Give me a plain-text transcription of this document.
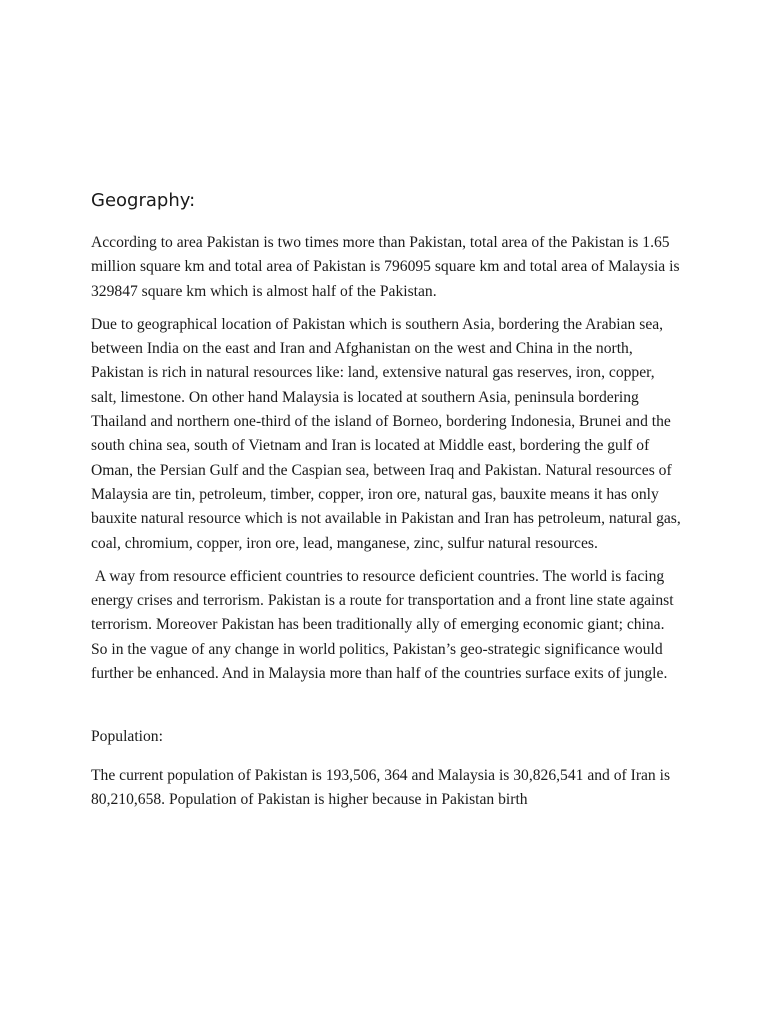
Geography:

According to area Pakistan is two times more than Pakistan, total area of the Pakistan is 1.65 million square km and total area of Pakistan is 796095 square km and total area of Malaysia is 329847 square km which is almost half of the Pakistan.

Due to geographical location of Pakistan which is southern Asia, bordering the Arabian sea, between India on the east and Iran and Afghanistan on the west and China in the north, Pakistan is rich in natural resources like: land, extensive natural gas reserves, iron, copper, salt, limestone. On other hand Malaysia is located at southern Asia, peninsula bordering Thailand and northern one-third of the island of Borneo, bordering Indonesia, Brunei and the south china sea, south of Vietnam and Iran is located at Middle east, bordering the gulf of Oman, the Persian Gulf and the Caspian sea, between Iraq and Pakistan. Natural resources of Malaysia are tin, petroleum, timber, copper, iron ore, natural gas, bauxite means it has only bauxite natural resource which is not available in Pakistan and Iran has petroleum, natural gas, coal, chromium, copper, iron ore, lead, manganese, zinc, sulfur natural resources.

A way from resource efficient countries to resource deficient countries. The world is facing energy crises and terrorism. Pakistan is a route for transportation and a front line state against terrorism. Moreover Pakistan has been traditionally ally of emerging economic giant; china. So in the vague of any change in world politics, Pakistan’s geo-strategic significance would further be enhanced. And in Malaysia more than half of the countries surface exits of jungle.

Population:

The current population of Pakistan is 193,506, 364 and Malaysia is 30,826,541 and of Iran is 80,210,658. Population of Pakistan is higher because in Pakistan birth
